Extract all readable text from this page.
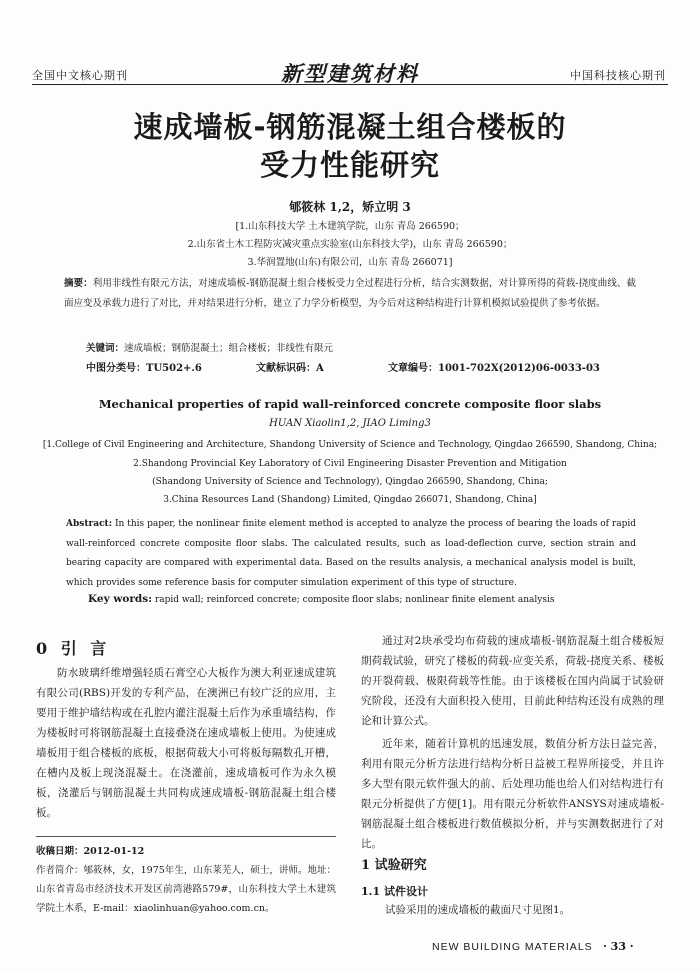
全国中文核心期刊	新型建筑材料	中国科技核心期刊
速成墙板-钢筋混凝土组合楼板的
受力性能研究
郇筱林 1,2，矫立明 3
[1.山东科技大学 土木建筑学院，山东 青岛 266590；
2.山东省土木工程防灾减灾重点实验室(山东科技大学)，山东 青岛 266590；
3.华润置地(山东)有限公司，山东 青岛 266071]
摘要：利用非线性有限元方法，对速成墙板-钢筋混凝土组合楼板受力全过程进行分析，结合实测数据，对计算所得的荷载-挠度曲线、截面应变及承载力进行了对比，并对结果进行分析，建立了力学分析模型，为今后对这种结构进行计算机模拟试验提供了参考依据。
关键词：速成墙板；钢筋混凝土；组合楼板；非线性有限元
中图分类号：TU502+.6	文献标识码：A	文章编号：1001-702X(2012)06-0033-03
Mechanical properties of rapid wall-reinforced concrete composite floor slabs
HUAN Xiaolin1,2, JIAO Liming3
[1.College of Civil Engineering and Architecture, Shandong University of Science and Technology, Qingdao 266590, Shandong, China;
2.Shandong Provincial Key Laboratory of Civil Engineering Disaster Prevention and Mitigation
(Shandong University of Science and Technology), Qingdao 266590, Shandong, China;
3.China Resources Land (Shandong) Limited, Qingdao 266071, Shandong, China]
Abstract: In this paper, the nonlinear finite element method is accepted to analyze the process of bearing the loads of rapid wall-reinforced concrete composite floor slabs. The calculated results, such as load-deflection curve, section strain and bearing capacity are compared with experimental data. Based on the results analysis, a mechanical analysis model is built, which provides some reference basis for computer simulation experiment of this type of structure.
Key words: rapid wall; reinforced concrete; composite floor slabs; nonlinear finite element analysis
0 引 言

防水玻璃纤维增强轻质石膏空心大板作为澳大利亚速成建筑有限公司(RBS)开发的专利产品，在澳洲已有较广泛的应用，主要用于维护墙结构或在孔腔内灌注混凝土后作为承重墙结构，作为楼板时可将钢筋混凝土直接叠浇在速成墙板上使用。为使速成墙板用于组合楼板的底板，根据荷载大小可将板每隔数孔开槽，在槽内及板上现浇混凝土。在浇灌前，速成墙板可作为永久模板，浇灌后与钢筋混凝土共同构成速成墙板-钢筋混凝土组合楼板。

通过对2块承受均布荷载的速成墙板-钢筋混凝土组合楼板短期荷载试验，研究了楼板的荷载-应变关系，荷载-挠度关系、楼板的开裂荷载、极限荷载等性能。由于该楼板在国内尚属于试验研究阶段，还没有大面积投入使用，目前此种结构还没有成熟的理论和计算公式。

近年来，随着计算机的迅速发展，数值分析方法日益完善，利用有限元分析方法进行结构分析日益被工程界所接受，并且许多大型有限元软件强大的前、后处理功能也给人们对结构进行有限元分析提供了方便[1]。用有限元分析软件ANSYS对速成墙板-钢筋混凝土组合楼板进行数值模拟分析，并与实测数据进行了对比。

收稿日期：2012-01-12
作者简介：郇筱林，女，1975年生，山东莱芜人，硕士，讲师。地址：山东省青岛市经济技术开发区前湾港路579#，山东科技大学土木建筑学院土木系，E-mail：xiaolinhuan@yahoo.com.cn。
1 试验研究
1.1 试件设计
试验采用的速成墙板的截面尺寸见图1。
NEW BUILDING MATERIALS · 33 ·
